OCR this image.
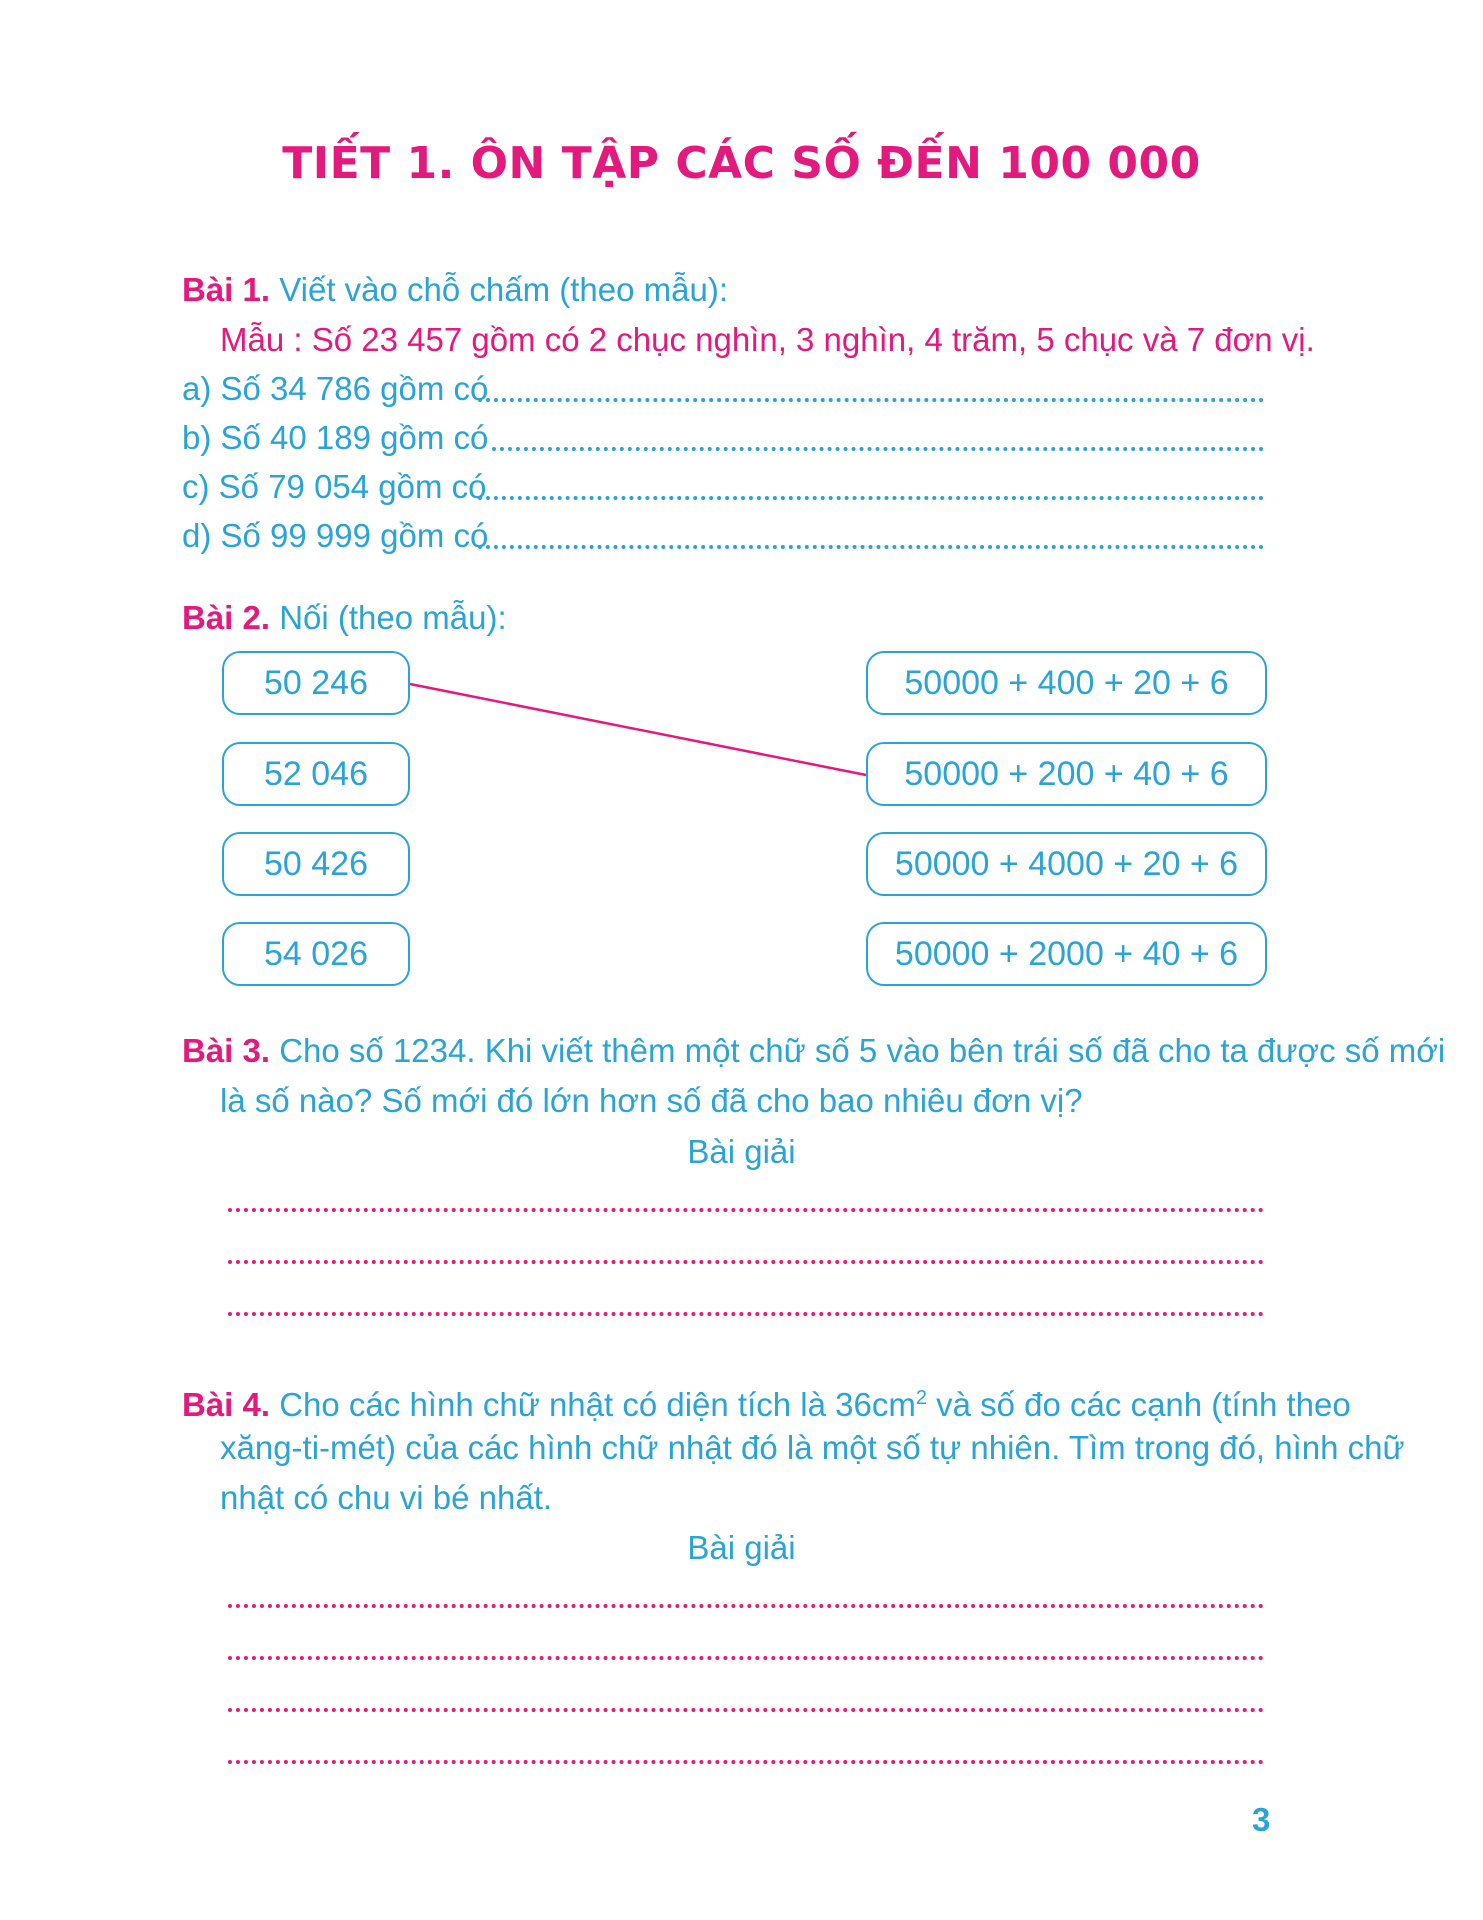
TIẾT 1. ÔN TẬP CÁC SỐ ĐẾN 100 000
Bài 1. Viết vào chỗ chấm (theo mẫu):
Mẫu : Số 23 457 gồm có 2 chục nghìn, 3 nghìn, 4 trăm, 5 chục và 7 đơn vị.
a) Số 34 786 gồm có
b) Số 40 189 gồm có
c) Số 79 054 gồm có
d) Số 99 999 gồm có
Bài 2. Nối (theo mẫu):
50 246
52 046
50 426
54 026
50000 + 400 + 20 + 6
50000 + 200 + 40 + 6
50000 + 4000 + 20 + 6
50000 + 2000 + 40 + 6
Bài 3. Cho số 1234. Khi viết thêm một chữ số 5 vào bên trái số đã cho ta được số mới
là số nào? Số mới đó lớn hơn số đã cho bao nhiêu đơn vị?
Bài giải
Bài 4. Cho các hình chữ nhật có diện tích là $36cm^2$ và số đo các cạnh (tính theo
xăng-ti-mét) của các hình chữ nhật đó là một số tự nhiên. Tìm trong đó, hình chữ
nhật có chu vi bé nhất.
Bài giải
3
